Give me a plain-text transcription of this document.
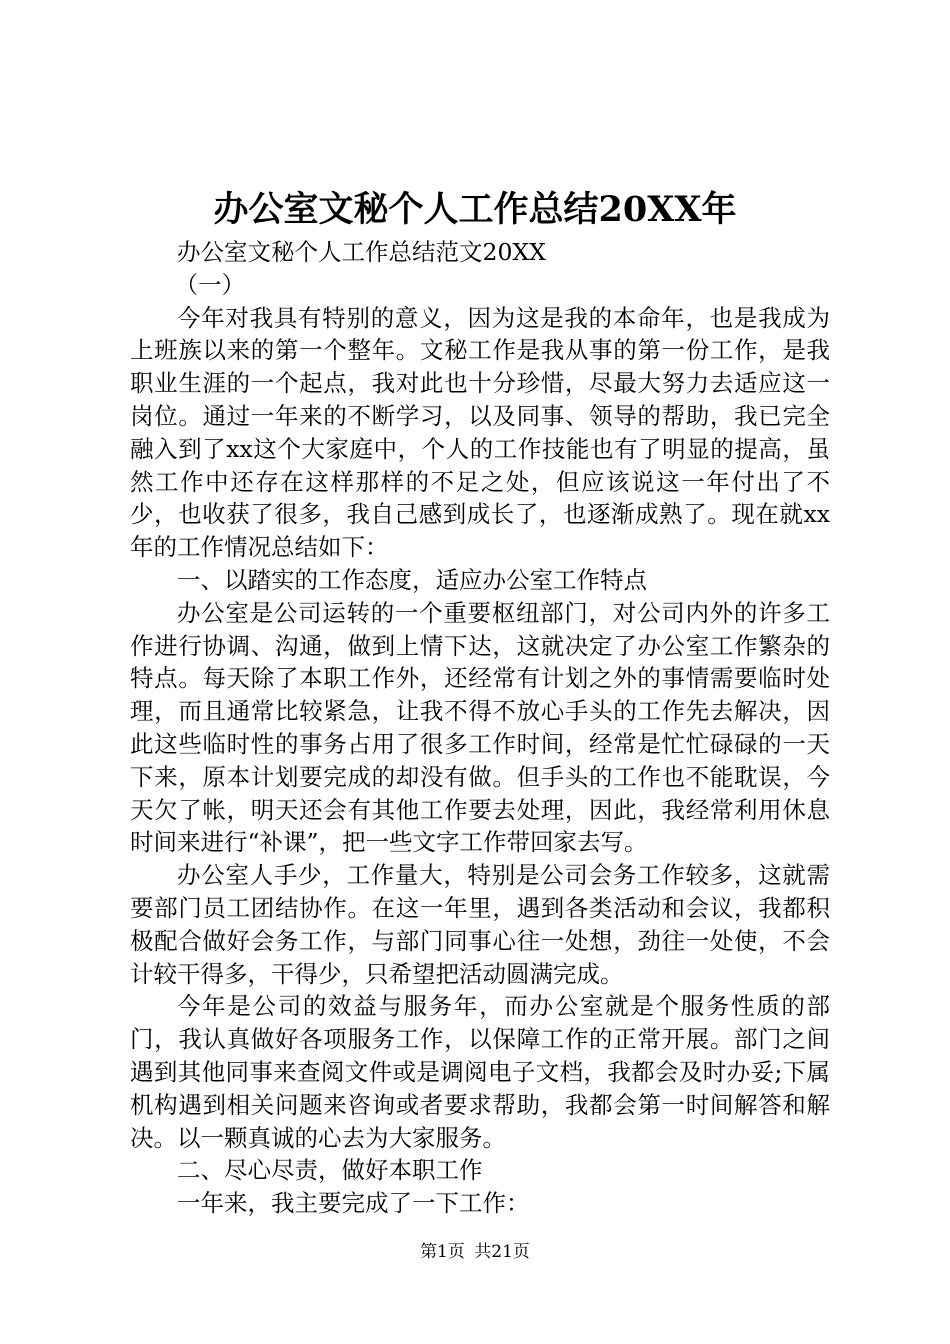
办公室文秘个人工作总结20XX年

办公室文秘个人工作总结范文20XX

（一）

今年对我具有特别的意义，因为这是我的本命年，也是我成为上班族以来的第一个整年。文秘工作是我从事的第一份工作，是我职业生涯的一个起点，我对此也十分珍惜，尽最大努力去适应这一岗位。通过一年来的不断学习，以及同事、领导的帮助，我已完全融入到了xx这个大家庭中，个人的工作技能也有了明显的提高，虽然工作中还存在这样那样的不足之处，但应该说这一年付出了不少，也收获了很多，我自己感到成长了，也逐渐成熟了。现在就xx年的工作情况总结如下：

一、以踏实的工作态度，适应办公室工作特点

办公室是公司运转的一个重要枢纽部门，对公司内外的许多工作进行协调、沟通，做到上情下达，这就决定了办公室工作繁杂的特点。每天除了本职工作外，还经常有计划之外的事情需要临时处理，而且通常比较紧急，让我不得不放心手头的工作先去解决，因此这些临时性的事务占用了很多工作时间，经常是忙忙碌碌的一天下来，原本计划要完成的却没有做。但手头的工作也不能耽误，今天欠了帐，明天还会有其他工作要去处理，因此，我经常利用休息时间来进行“补课”，把一些文字工作带回家去写。

办公室人手少，工作量大，特别是公司会务工作较多，这就需要部门员工团结协作。在这一年里，遇到各类活动和会议，我都积极配合做好会务工作，与部门同事心往一处想，劲往一处使，不会计较干得多，干得少，只希望把活动圆满完成。

今年是公司的效益与服务年，而办公室就是个服务性质的部门，我认真做好各项服务工作，以保障工作的正常开展。部门之间遇到其他同事来查阅文件或是调阅电子文档，我都会及时办妥;下属机构遇到相关问题来咨询或者要求帮助，我都会第一时间解答和解决。以一颗真诚的心去为大家服务。

二、尽心尽责，做好本职工作

一年来，我主要完成了一下工作：

第1页 共21页
